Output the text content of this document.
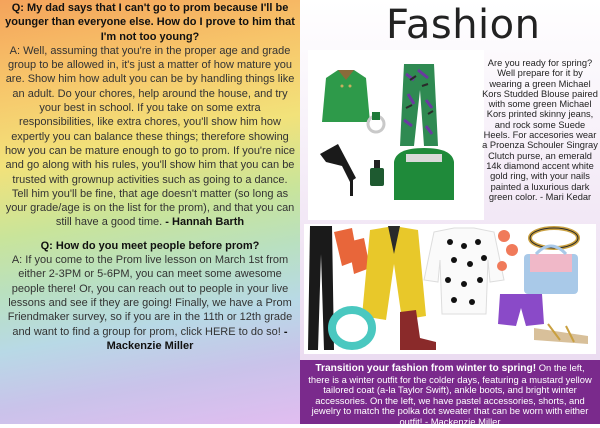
Q: My dad says that I can't go to prom because I'll be younger than everyone else. How do I prove to him that I'm not too young?

A: Well, assuming that you're in the proper age and grade group to be allowed in, it's just a matter of how mature you are. Show him how adult you can be by handling things like an adult. Do your chores, help around the house, and try your best in school. If you take on some extra responsibilities, like extra chores, you'll show him how expertly you can balance these things; therefore showing how you can be mature enough to go to prom. If you're nice and go along with his rules, you'll show him that you can be trusted with grownup activities such as going to a dance. Tell him you'll be fine, that age doesn't matter (so long as your grade/age is on the list for the prom), and that you can still have a good time. - Hannah Barth

Q: How do you meet people before prom?

A: If you come to the Prom live lesson on March 1st from either 2-3PM or 5-6PM, you can meet some awesome people there! Or, you can reach out to people in your live lessons and see if they are going! Finally, we have a Prom Friendmaker survey, so if you are in the 11th or 12th grade and want to find a group for prom, click HERE to do so! - Mackenzie Miller

Fashion
Are you ready for spring? Well prepare for it by wearing a green Michael Kors Studded Blouse paired with some green Michael Kors printed skinny jeans, and rock some Suede Heels. For accesories wear a Proenza Schouler Singray Clutch purse, an emerald 14k diamond accent white gold ring, with your nails painted a luxurious dark green color. - Mari Kedar
Transition your fashion from winter to spring! On the left, there is a winter outfit for the colder days, featuring a mustard yellow tailored coat (a-la Taylor Swift), ankle boots, and bright winter accessories. On the left, we have pastel accessories, shorts, and jewelry to match the polka dot sweater that can be worn with either outfit! - Mackenzie Miller
